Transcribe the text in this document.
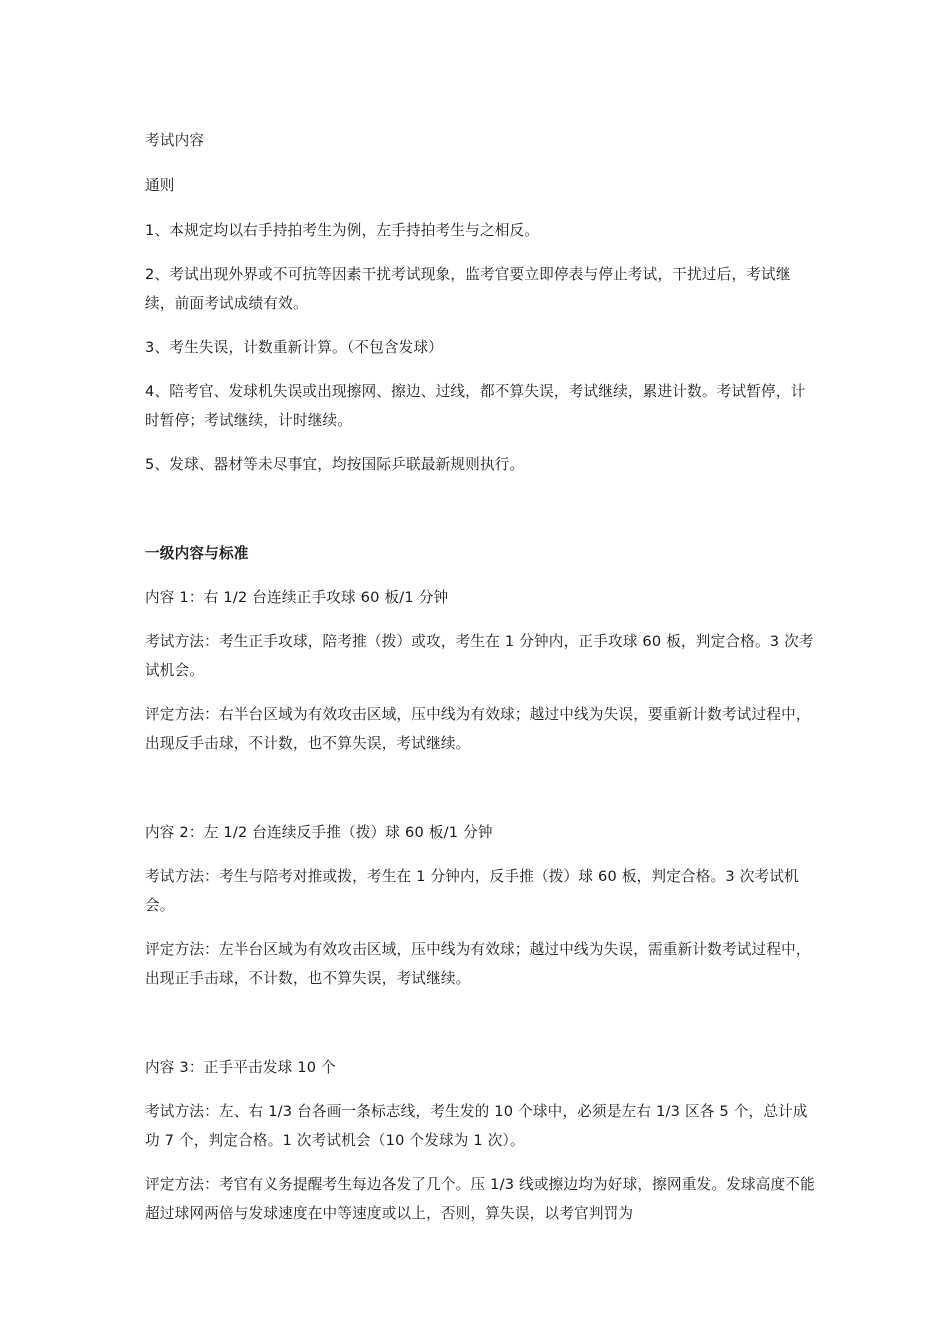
考试内容

通则

1、本规定均以右手持拍考生为例，左手持拍考生与之相反。

2、考试出现外界或不可抗等因素干扰考试现象，监考官要立即停表与停止考试，干扰过后，考试继续，前面考试成绩有效。

3、考生失误，计数重新计算。（不包含发球）

4、陪考官、发球机失误或出现擦网、擦边、过线，都不算失误，考试继续，累进计数。考试暂停，计时暂停；考试继续，计时继续。

5、发球、器材等未尽事宜，均按国际乒联最新规则执行。

一级内容与标准

内容 1：右 1/2 台连续正手攻球 60 板/1 分钟

考试方法：考生正手攻球，陪考推（拨）或攻，考生在 1 分钟内，正手攻球 60 板，判定合格。3 次考试机会。

评定方法：右半台区域为有效攻击区域，压中线为有效球；越过中线为失误，要重新计数考试过程中，出现反手击球，不计数，也不算失误，考试继续。

内容 2：左 1/2 台连续反手推（拨）球 60 板/1 分钟

考试方法：考生与陪考对推或拨，考生在 1 分钟内，反手推（拨）球 60 板，判定合格。3 次考试机会。

评定方法：左半台区域为有效攻击区域，压中线为有效球；越过中线为失误，需重新计数考试过程中，出现正手击球，不计数，也不算失误，考试继续。

内容 3：正手平击发球 10 个

考试方法：左、右 1/3 台各画一条标志线，考生发的 10 个球中，必须是左右 1/3 区各 5 个，总计成功 7 个，判定合格。1 次考试机会（10 个发球为 1 次）。

评定方法：考官有义务提醒考生每边各发了几个。压 1/3 线或擦边均为好球，擦网重发。发球高度不能超过球网两倍与发球速度在中等速度或以上，否则，算失误，以考官判罚为
